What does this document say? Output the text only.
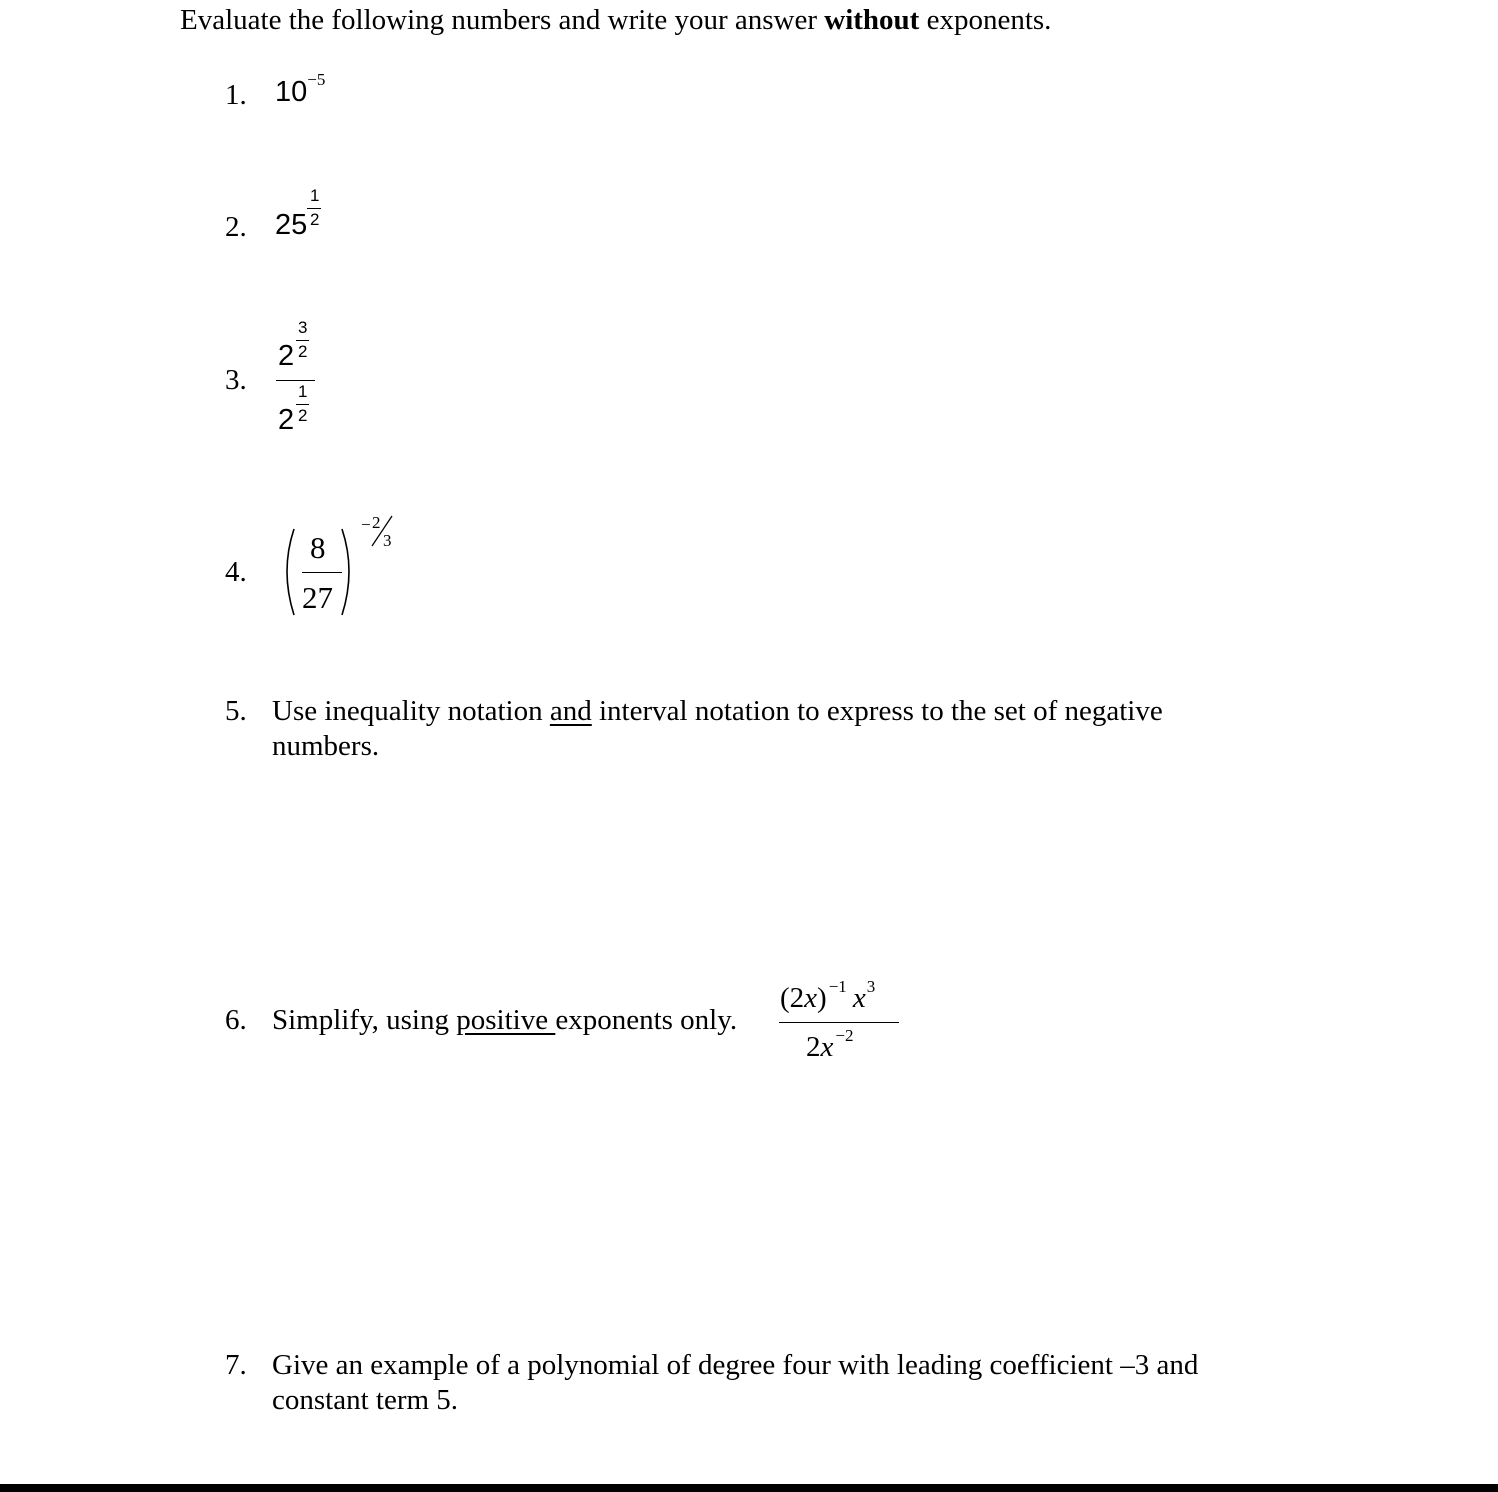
Evaluate the following numbers and write your answer without exponents.
1. 10−5
2. 25
1
2
3.
2
3
2
2
1
2
4.
8
27
− 2
3
5. Use inequality notation and interval notation to express to the set of negative
numbers.
6. Simplify, using positive exponents only.
(2x) $^{-1}$ $x^3$
2x $^{-2}$
7. Give an example of a polynomial of degree four with leading coefficient –3 and
constant term 5.
